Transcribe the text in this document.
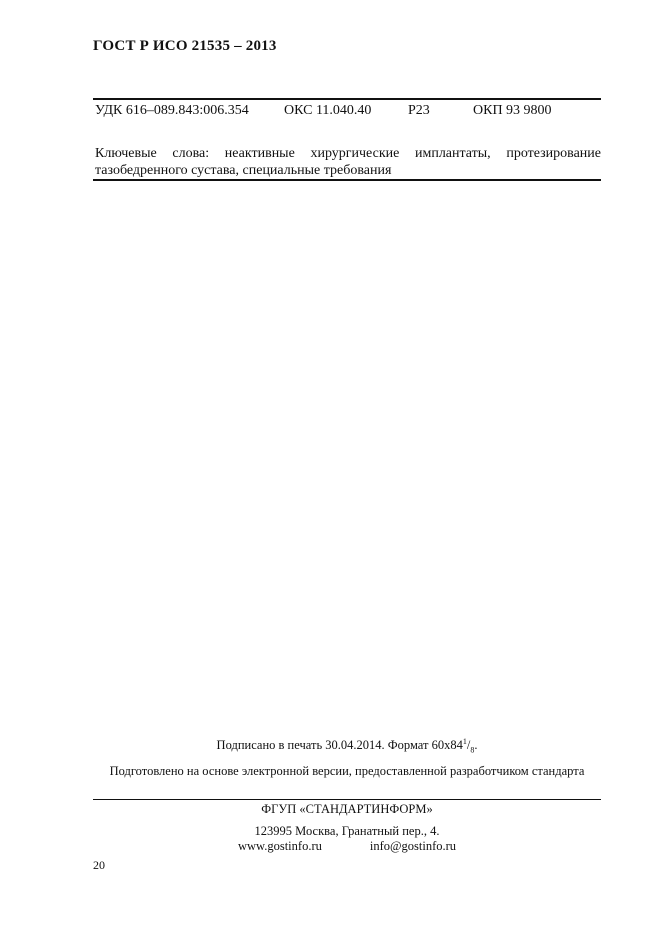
ГОСТ Р ИСО 21535 – 2013
УДК 616–089.843:006.354	ОКС 11.040.40	Р23	ОКП 93 9800
Ключевые слова: неактивные хирургические имплантаты, протезирование тазобедренного сустава, специальные требования
Подписано в печать 30.04.2014. Формат $60х84^1/_8$.
Подготовлено на основе электронной версии, предоставленной разработчиком стандарта
ФГУП «СТАНДАРТИНФОРМ»
123995 Москва, Гранатный пер., 4.
www.gostinfo.ru	info@gostinfo.ru
20
